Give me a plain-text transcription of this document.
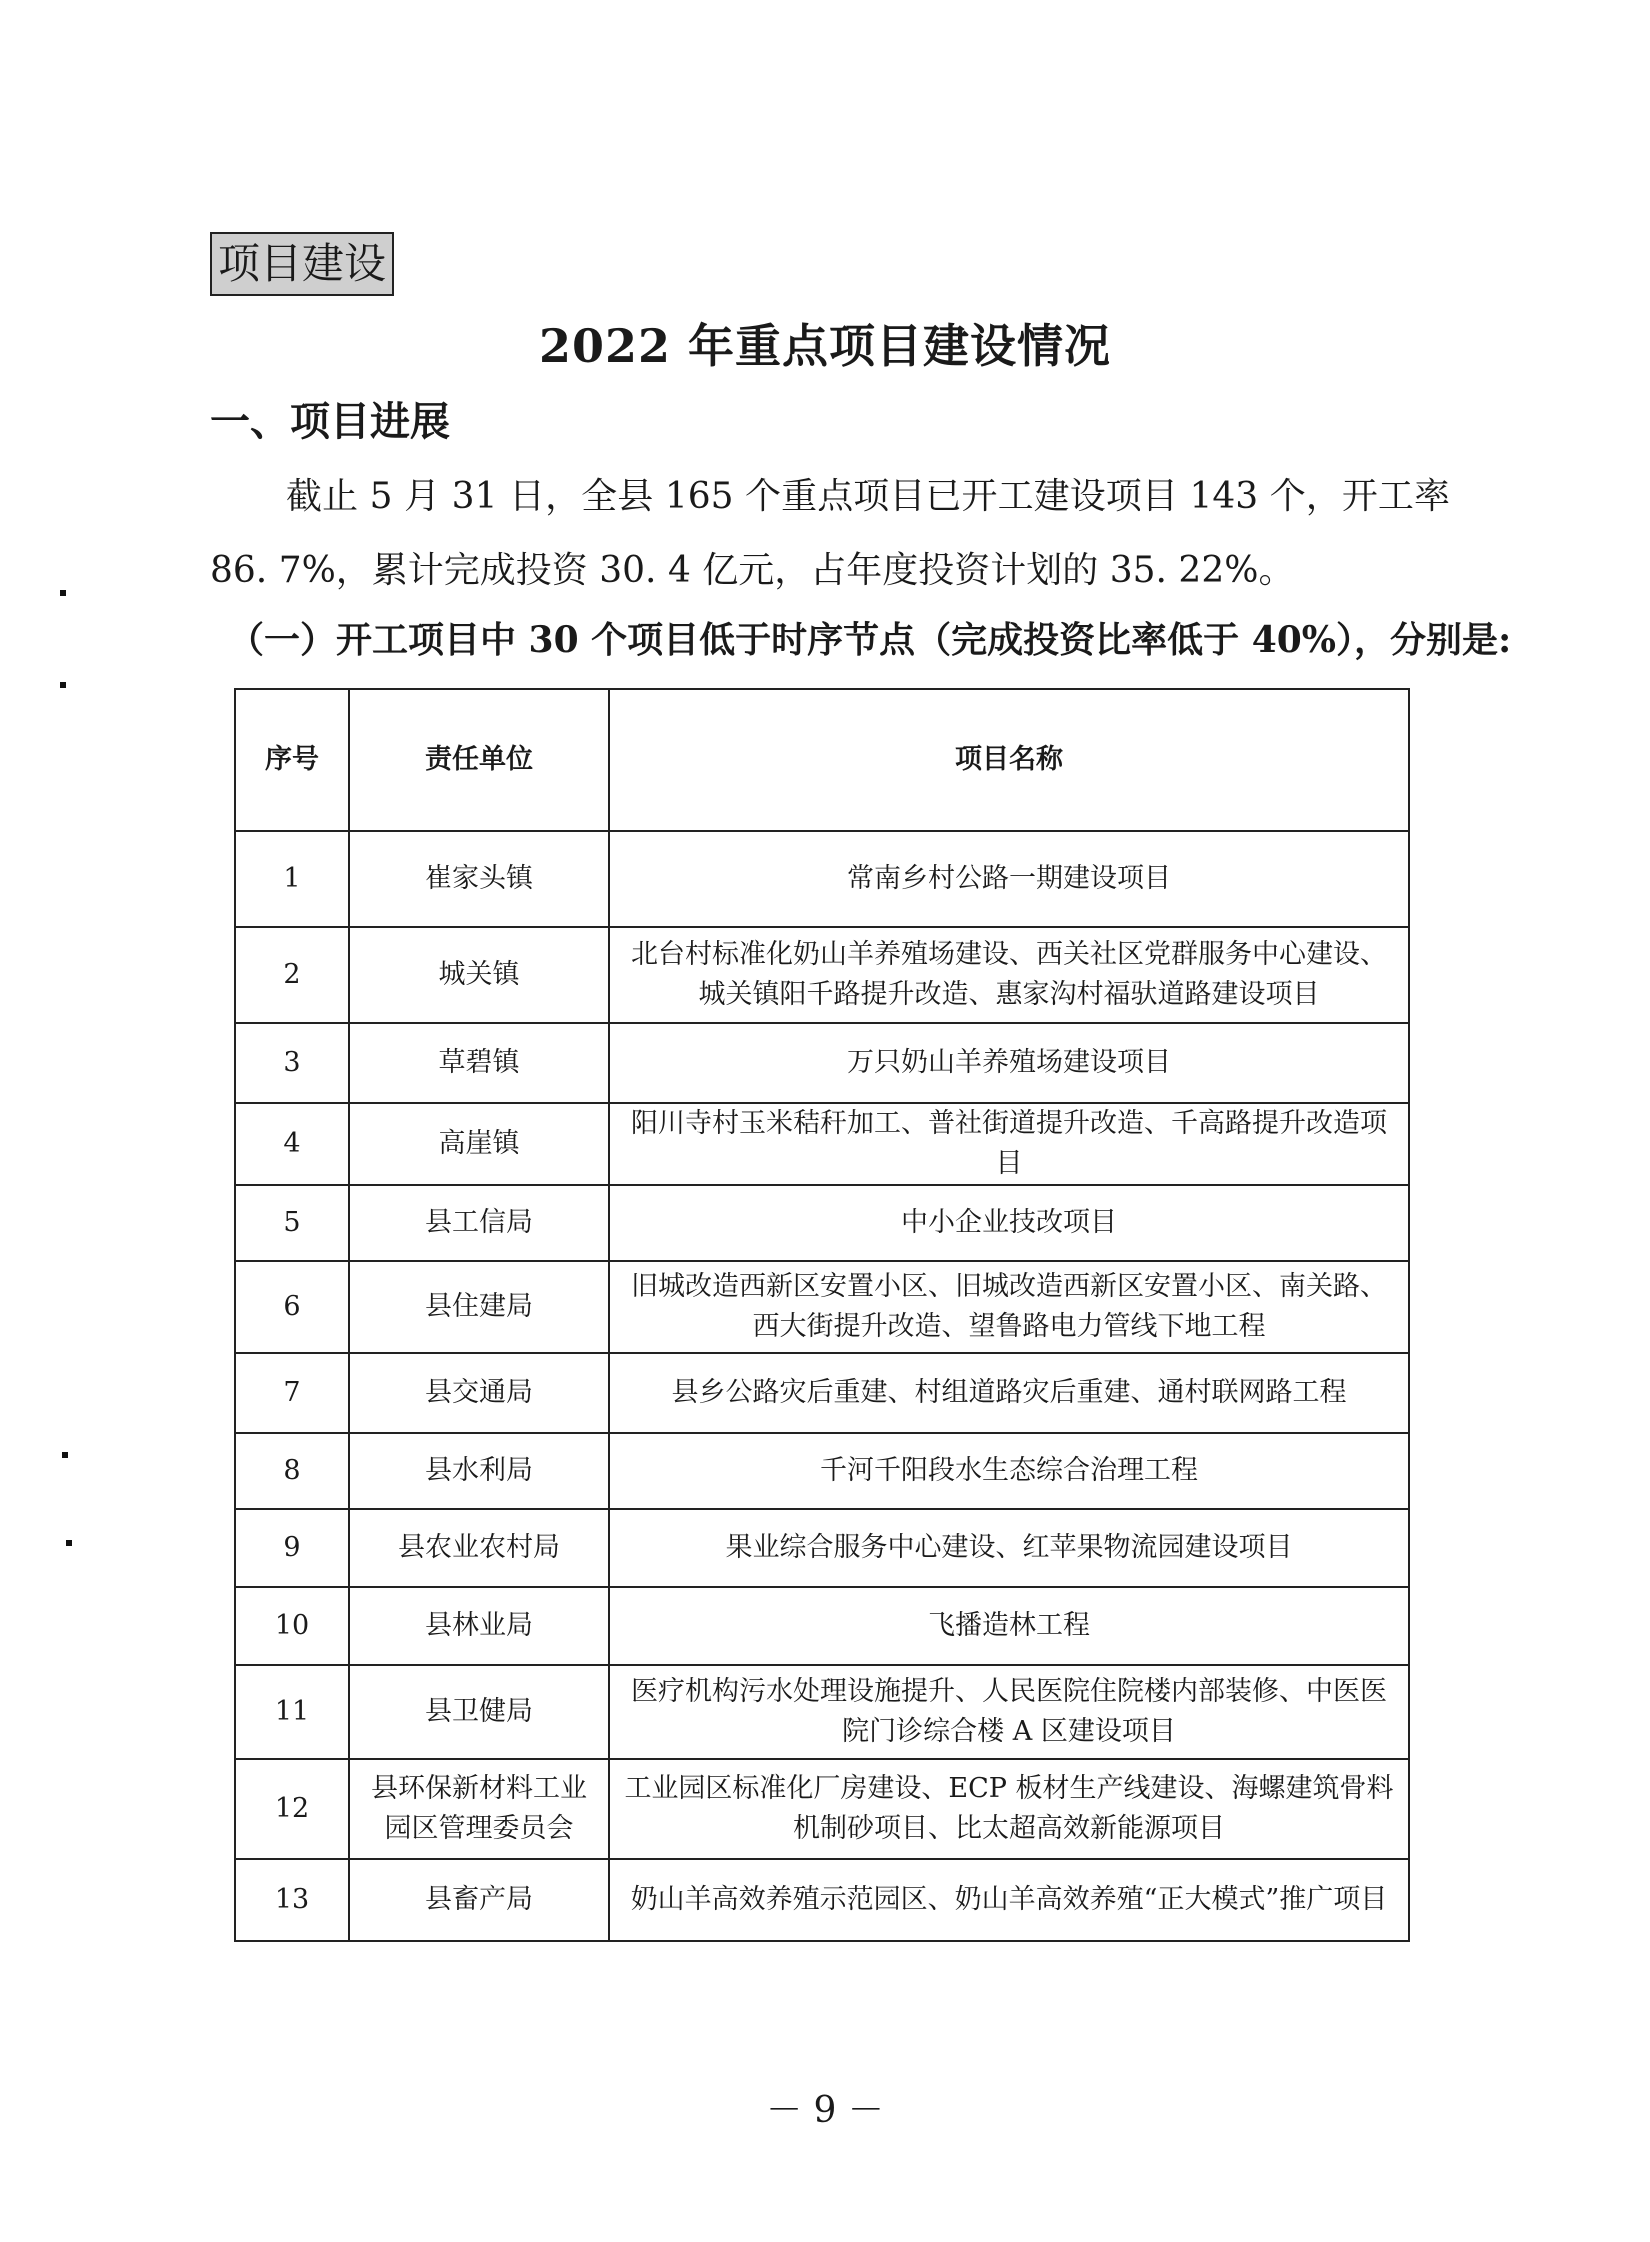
项目建设
2022 年重点项目建设情况
一、项目进展
截止 5 月 31 日，全县 165 个重点项目已开工建设项目 143 个，开工率 86. 7%，累计完成投资 30. 4 亿元，占年度投资计划的 35. 22%。
（一）开工项目中 30 个项目低于时序节点（完成投资比率低于 40%），分别是:
序号	责任单位	项目名称
1	崔家头镇	常南乡村公路一期建设项目
2	城关镇	北台村标准化奶山羊养殖场建设、西关社区党群服务中心建设、城关镇阳千路提升改造、惠家沟村福驮道路建设项目
3	草碧镇	万只奶山羊养殖场建设项目
4	高崖镇	阳川寺村玉米秸秆加工、普社街道提升改造、千高路提升改造项目
5	县工信局	中小企业技改项目
6	县住建局	旧城改造西新区安置小区、旧城改造西新区安置小区、南关路、西大街提升改造、望鲁路电力管线下地工程
7	县交通局	县乡公路灾后重建、村组道路灾后重建、通村联网路工程
8	县水利局	千河千阳段水生态综合治理工程
9	县农业农村局	果业综合服务中心建设、红苹果物流园建设项目
10	县林业局	飞播造林工程
11	县卫健局	医疗机构污水处理设施提升、人民医院住院楼内部装修、中医医院门诊综合楼 A 区建设项目
12	县环保新材料工业园区管理委员会	工业园区标准化厂房建设、ECP 板材生产线建设、海螺建筑骨料机制砂项目、比太超高效新能源项目
13	县畜产局	奶山羊高效养殖示范园区、奶山羊高效养殖“正大模式”推广项目
－ 9 －
